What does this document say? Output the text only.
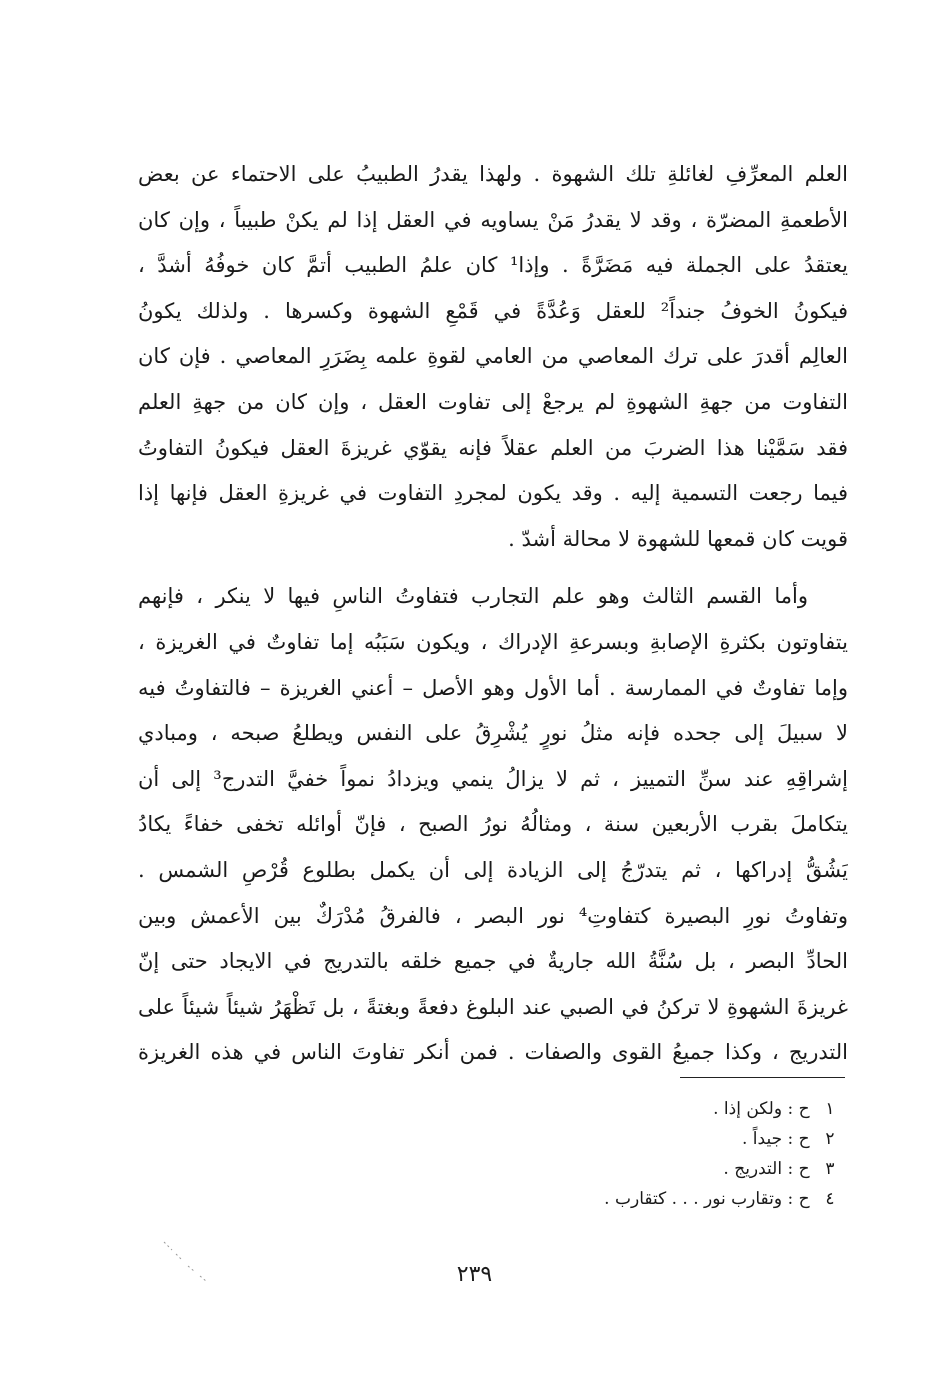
العلم المعرِّفِ لغائلةِ تلك الشهوة . ولهذا يقدرُ الطبيبُ على الاحتماء عن بعض
الأطعمةِ المضرّة ، وقد لا يقدرُ مَنْ يساويه في العقل إذا لم يكنْ طبيباً ، وإن كان
يعتقدُ على الجملة فيه مَضَرَّةً . وإذا¹ كان علمُ الطبيب أتمَّ كان خوفُهُ أشدَّ ،
فيكونُ الخوفُ جنداً² للعقل وَعُدَّةً في قَمْعِ الشهوة وكسرها . ولذلك يكونُ
العالِم أقدرَ على ترك المعاصي من العامي لقوةِ علمه بِضَرَرِ المعاصي . فإن كان
التفاوت من جهةِ الشهوةِ لم يرجعْ إلى تفاوت العقل ، وإن كان من جهةِ العلم
فقد سَمَّيْنا هذا الضربَ من العلم عقلاً فإنه يقوّي غريزةَ العقل فيكونُ التفاوتُ
فيما رجعت التسمية إليه . وقد يكون لمجردِ التفاوت في غريزةِ العقل فإنها إذا
قويت كان قمعها للشهوة لا محالة أشدّ .
وأما القسم الثالث وهو علم التجارب فتفاوتُ الناسِ فيها لا ينكر ، فإنهم
يتفاوتون بكثرةِ الإصابةِ وبسرعةِ الإدراك ، ويكون سَبَبُه إما تفاوتٌ في الغريزة ،
وإما تفاوتٌ في الممارسة . أما الأول وهو الأصل – أعني الغريزة – فالتفاوتُ فيه
لا سبيلَ إلى جحده فإنه مثلُ نورٍ يُشْرِقُ على النفس ويطلعُ صبحه ، ومبادي
إشراقِهِ عند سنِّ التمييز ، ثم لا يزالُ ينمي ويزدادُ نمواً خفيَّ التدرج³ إلى أن
يتكاملَ بقرب الأربعين سنة ، ومثالُهُ نورُ الصبح ، فإنّ أوائله تخفى خفاءً يكادُ
يَشُقُّ إدراكها ، ثم يتدرّجُ إلى الزيادة إلى أن يكمل بطلوع قُرْصِ الشمس .
وتفاوتُ نورِ البصيرة كتفاوتِ⁴ نور البصر ، فالفرقُ مُدْرَكٌ بين الأعمش وبين
الحادِّ البصر ، بل سُنَّةُ الله جاريةٌ في جميع خلقه بالتدريج في الايجاد حتى إنّ
غريزةَ الشهوةِ لا تركنُ في الصبي عند البلوغ دفعةً وبغتةً ، بل تَظْهَرُ شيئاً شيئاً على
التدريج ، وكذا جميعُ القوى والصفات . فمن أنكر تفاوتَ الناس في هذه الغريزة
١ ح : ولكن إذا .
٢ ح : جيداً .
٣ ح : التدريج .
٤ ح : وتقارب نور . . . كتقارب .
٢٣٩
